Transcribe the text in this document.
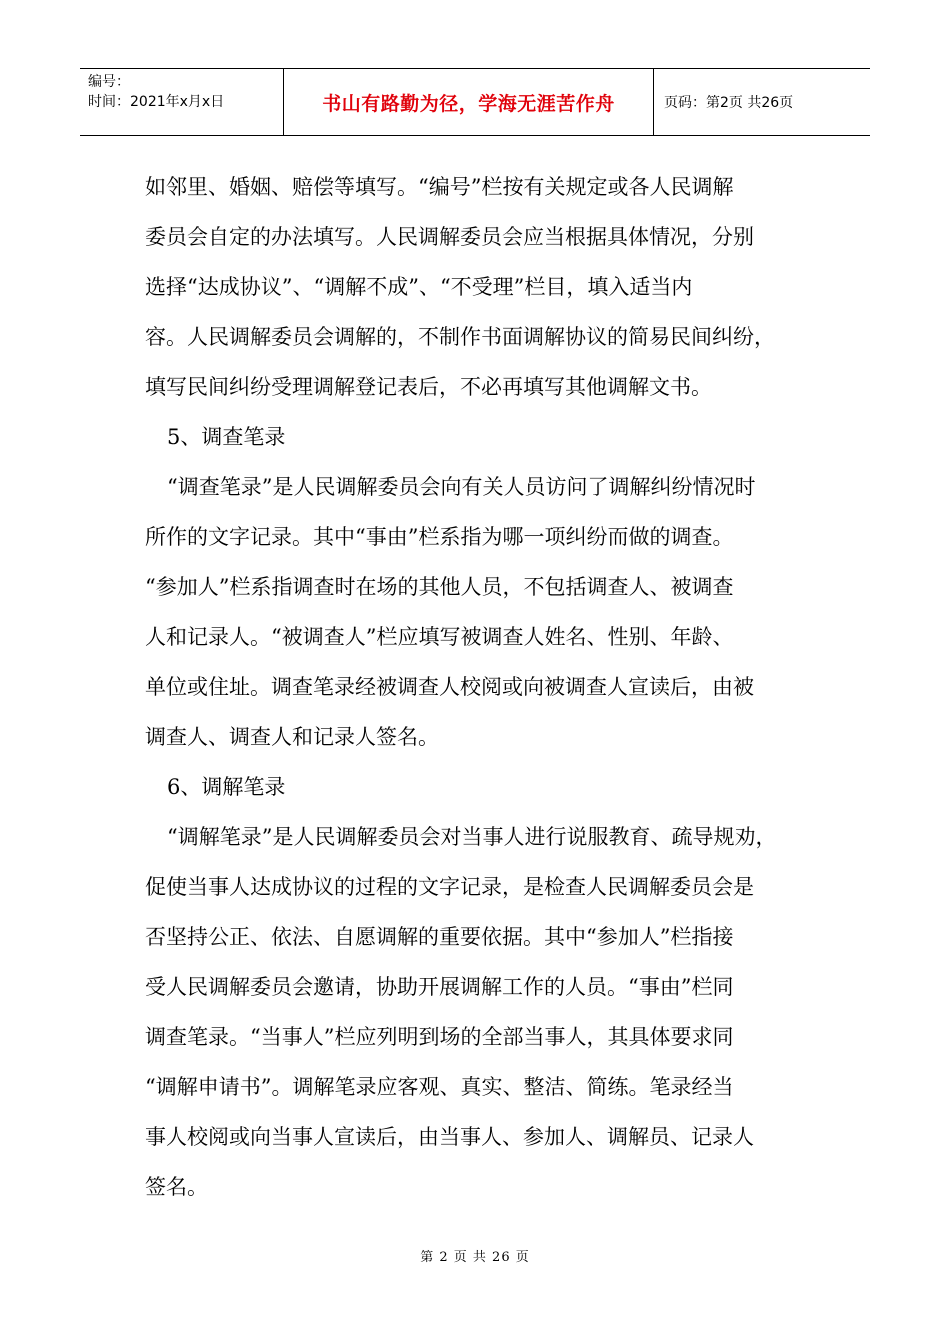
编号：
时间：2021年x月x日	书山有路勤为径，学海无涯苦作舟	页码：第2页 共26页

如邻里、婚姻、赔偿等填写。“编号”栏按有关规定或各人民调解

委员会自定的办法填写。人民调解委员会应当根据具体情况，分别

选择“达成协议”、“调解不成”、“不受理”栏目，填入适当内

容。人民调解委员会调解的，不制作书面调解协议的简易民间纠纷，

填写民间纠纷受理调解登记表后，不必再填写其他调解文书。

5、调查笔录

“调查笔录”是人民调解委员会向有关人员访问了调解纠纷情况时

所作的文字记录。其中“事由”栏系指为哪一项纠纷而做的调查。

“参加人”栏系指调查时在场的其他人员，不包括调查人、被调查

人和记录人。“被调查人”栏应填写被调查人姓名、性别、年龄、

单位或住址。调查笔录经被调查人校阅或向被调查人宣读后，由被

调查人、调查人和记录人签名。

6、调解笔录

“调解笔录”是人民调解委员会对当事人进行说服教育、疏导规劝，

促使当事人达成协议的过程的文字记录，是检查人民调解委员会是

否坚持公正、依法、自愿调解的重要依据。其中“参加人”栏指接

受人民调解委员会邀请，协助开展调解工作的人员。“事由”栏同

调查笔录。“当事人”栏应列明到场的全部当事人，其具体要求同

“调解申请书”。调解笔录应客观、真实、整洁、简练。笔录经当

事人校阅或向当事人宣读后，由当事人、参加人、调解员、记录人

签名。

第 2 页 共 26 页
